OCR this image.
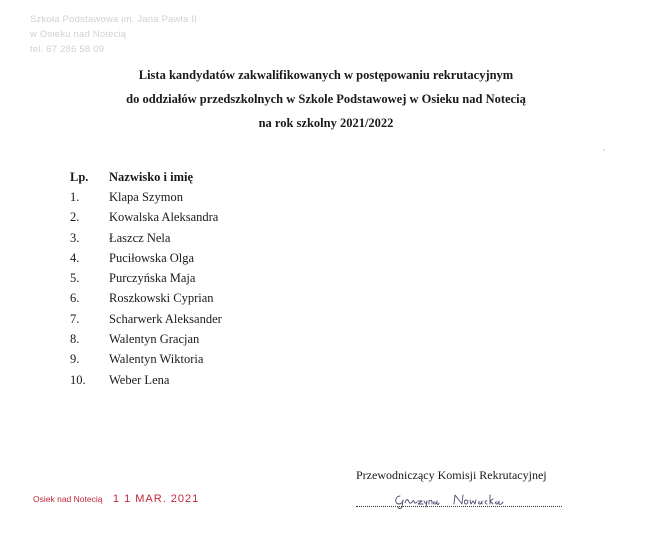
Szkoła Podstawowa im. Jana Pawła II
w Osieku nad Notecią
tel. 67 286 58 09
Lista kandydatów zakwalifikowanych w postępowaniu rekrutacyjnym
do oddziałów przedszkolnych w Szkole Podstawowej w Osieku nad Notecią
na rok szkolny 2021/2022
Lp.	Nazwisko i imię
1.	Klapa Szymon
2.	Kowalska Aleksandra
3.	Łaszcz Nela
4.	Puciłowska Olga
5.	Purczyńska Maja
6.	Roszkowski Cyprian
7.	Scharwerk Aleksander
8.	Walentyn Gracjan
9.	Walentyn Wiktoria
10.	Weber Lena
Przewodniczący Komisji Rekrutacyjnej
Osiek nad Notecią 1 1 MAR. 2021
